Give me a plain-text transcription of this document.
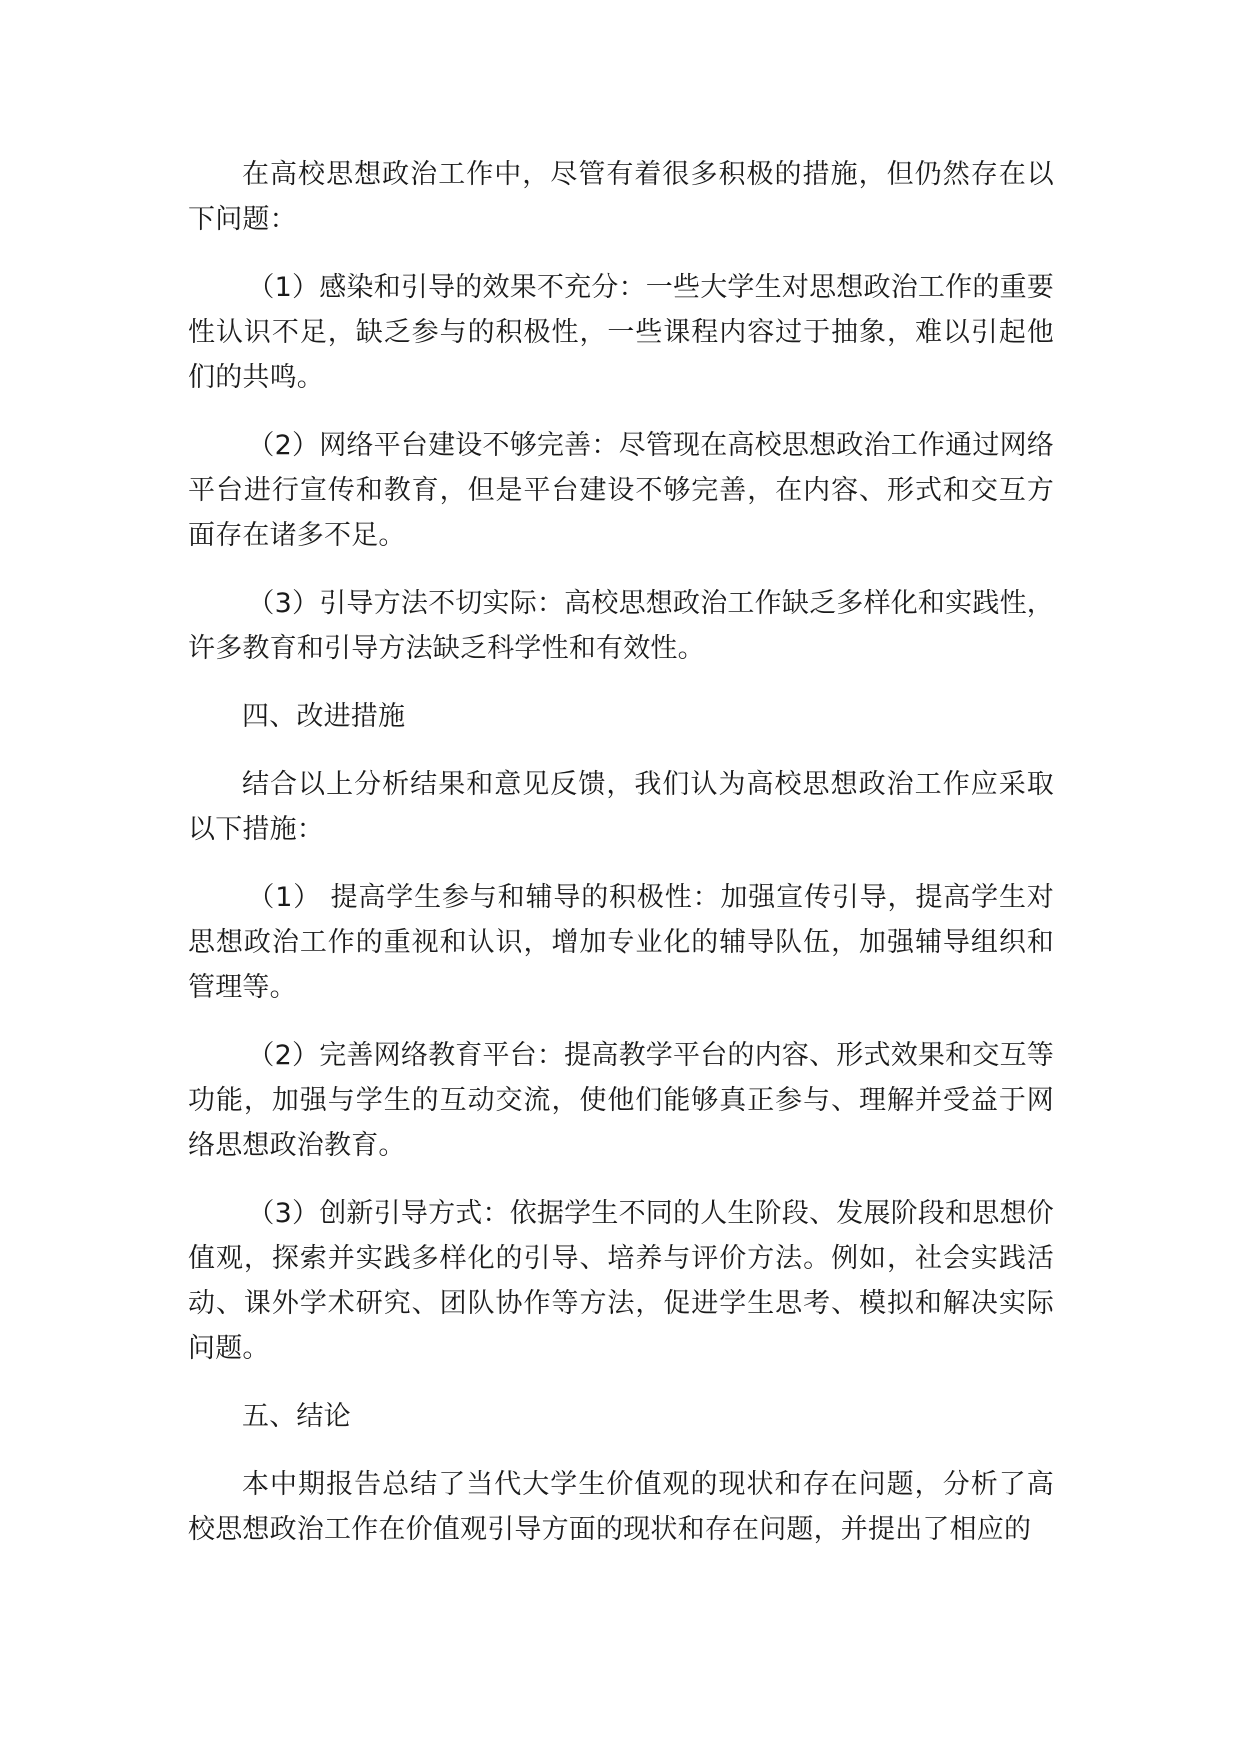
在高校思想政治工作中，尽管有着很多积极的措施，但仍然存在以下问题：

（1）感染和引导的效果不充分：一些大学生对思想政治工作的重要性认识不足，缺乏参与的积极性，一些课程内容过于抽象，难以引起他们的共鸣。

（2）网络平台建设不够完善：尽管现在高校思想政治工作通过网络平台进行宣传和教育，但是平台建设不够完善，在内容、形式和交互方面存在诸多不足。

（3）引导方法不切实际：高校思想政治工作缺乏多样化和实践性，许多教育和引导方法缺乏科学性和有效性。

四、改进措施

结合以上分析结果和意见反馈，我们认为高校思想政治工作应采取以下措施：

（1） 提高学生参与和辅导的积极性：加强宣传引导，提高学生对思想政治工作的重视和认识，增加专业化的辅导队伍，加强辅导组织和管理等。

（2）完善网络教育平台：提高教学平台的内容、形式效果和交互等功能，加强与学生的互动交流，使他们能够真正参与、理解并受益于网络思想政治教育。

（3）创新引导方式：依据学生不同的人生阶段、发展阶段和思想价值观，探索并实践多样化的引导、培养与评价方法。例如，社会实践活动、课外学术研究、团队协作等方法，促进学生思考、模拟和解决实际问题。

五、结论

本中期报告总结了当代大学生价值观的现状和存在问题，分析了高校思想政治工作在价值观引导方面的现状和存在问题，并提出了相应的
